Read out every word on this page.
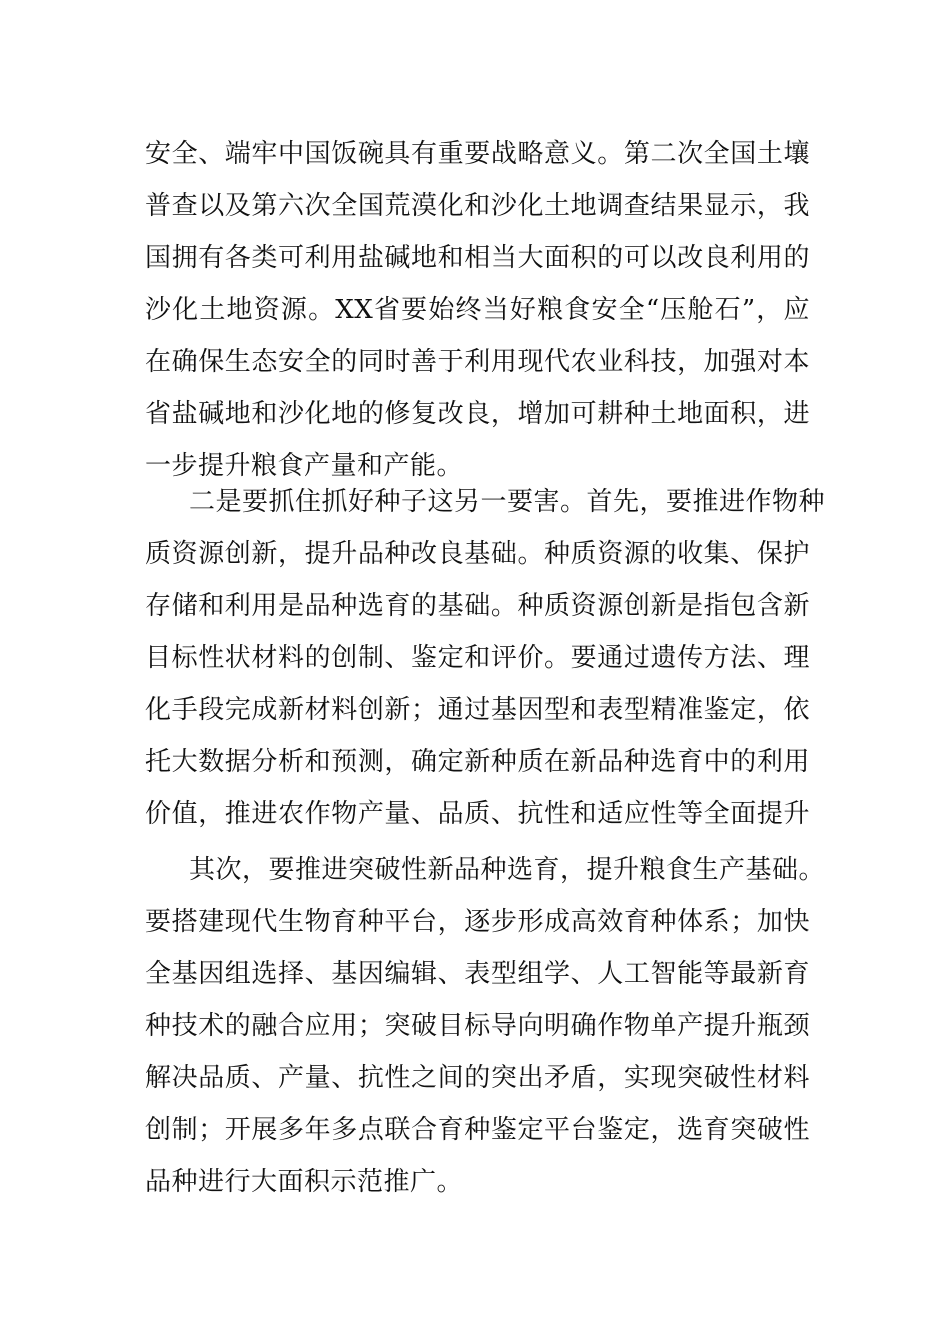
安全、端牢中国饭碗具有重要战略意义。第二次全国土壤
普查以及第六次全国荒漠化和沙化土地调查结果显示，我
国拥有各类可利用盐碱地和相当大面积的可以改良利用的
沙化土地资源。XX省要始终当好粮食安全“压舱石”，应
在确保生态安全的同时善于利用现代农业科技，加强对本
省盐碱地和沙化地的修复改良，增加可耕种土地面积，进
一步提升粮食产量和产能。

二是要抓住抓好种子这另一要害。首先，要推进作物种
质资源创新，提升品种改良基础。种质资源的收集、保护
存储和利用是品种选育的基础。种质资源创新是指包含新
目标性状材料的创制、鉴定和评价。要通过遗传方法、理
化手段完成新材料创新；通过基因型和表型精准鉴定，依
托大数据分析和预测，确定新种质在新品种选育中的利用
价值，推进农作物产量、品质、抗性和适应性等全面提升

其次，要推进突破性新品种选育，提升粮食生产基础。
要搭建现代生物育种平台，逐步形成高效育种体系；加快
全基因组选择、基因编辑、表型组学、人工智能等最新育
种技术的融合应用；突破目标导向明确作物单产提升瓶颈
解决品质、产量、抗性之间的突出矛盾，实现突破性材料
创制；开展多年多点联合育种鉴定平台鉴定，选育突破性
品种进行大面积示范推广。
